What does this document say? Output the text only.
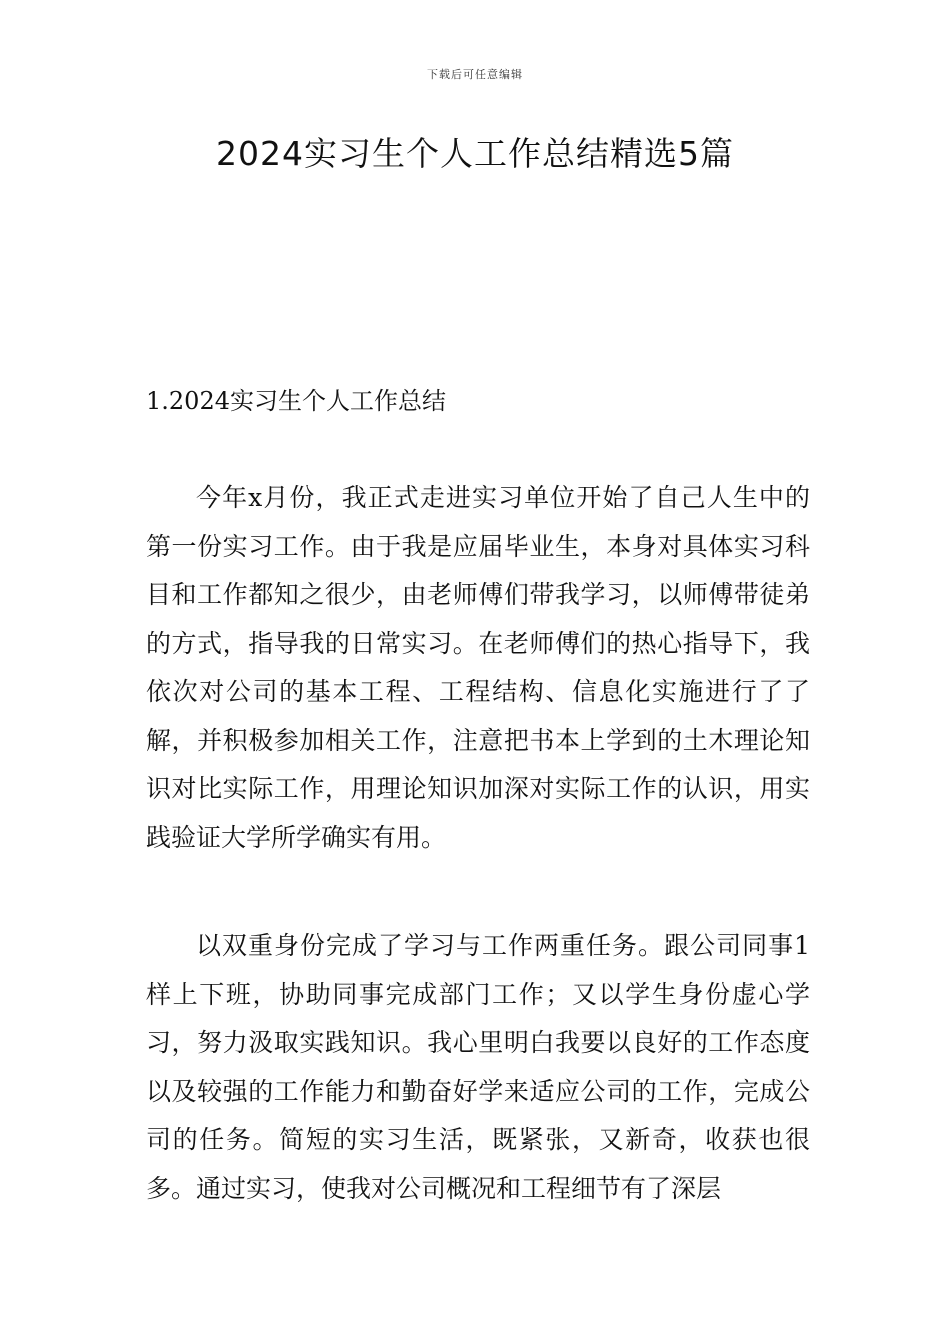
下载后可任意编辑
2024实习生个人工作总结精选5篇
1.2024实习生个人工作总结

今年x月份，我正式走进实习单位开始了自己人生中的第一份实习工作。由于我是应届毕业生，本身对具体实习科目和工作都知之很少，由老师傅们带我学习，以师傅带徒弟的方式，指导我的日常实习。在老师傅们的热心指导下，我依次对公司的基本工程、工程结构、信息化实施进行了了解，并积极参加相关工作，注意把书本上学到的土木理论知识对比实际工作，用理论知识加深对实际工作的认识，用实践验证大学所学确实有用。

以双重身份完成了学习与工作两重任务。跟公司同事1样上下班，协助同事完成部门工作；又以学生身份虚心学习，努力汲取实践知识。我心里明白我要以良好的工作态度以及较强的工作能力和勤奋好学来适应公司的工作，完成公司的任务。简短的实习生活，既紧张，又新奇，收获也很多。通过实习，使我对公司概况和工程细节有了深层
